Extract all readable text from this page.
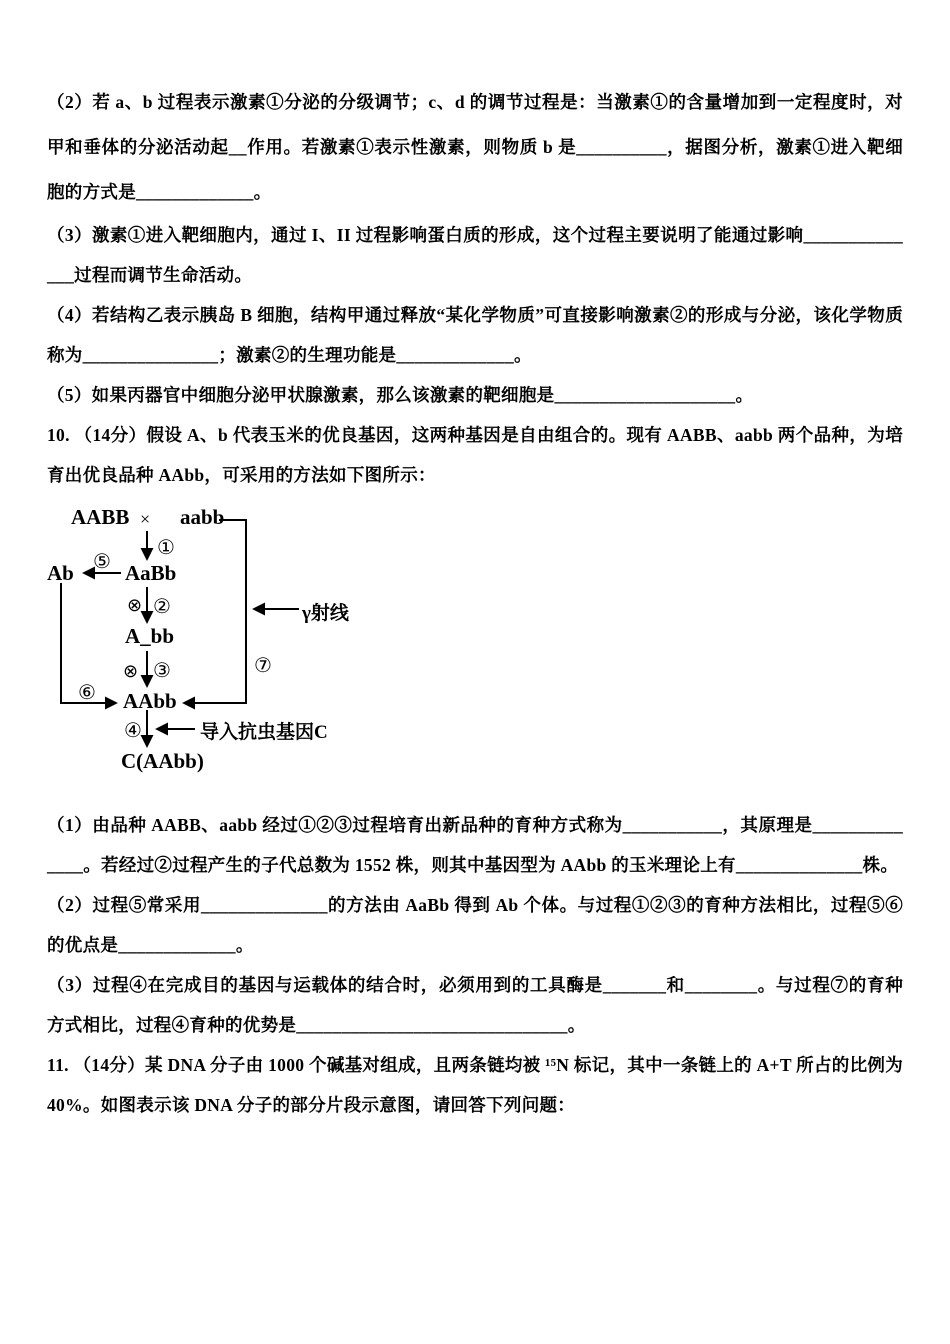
（2）若 a、b 过程表示激素①分泌的分级调节；c、d 的调节过程是：当激素①的含量增加到一定程度时，对甲和垂体的分泌活动起__作用。若激素①表示性激素，则物质 b 是__________，据图分析，激素①进入靶细胞的方式是_____________。

（3）激素①进入靶细胞内，通过 I、II 过程影响蛋白质的形成，这个过程主要说明了能通过影响______________过程而调节生命活动。

（4）若结构乙表示胰岛 B 细胞，结构甲通过释放“某化学物质”可直接影响激素②的形成与分泌，该化学物质称为_______________；激素②的生理功能是_____________。

（5）如果丙器官中细胞分泌甲状腺激素，那么该激素的靶细胞是____________________。

10. （14分）假设 A、b 代表玉米的优良基因，这两种基因是自由组合的。现有 AABB、aabb 两个品种，为培育出优良品种 AAbb，可采用的方法如下图所示：

AABB × aabb
①
⑤
Ab AaBb
⊗ ②	γ射线
A_bb
⊗ ③	⑦
⑥ AAbb
④	导入抗虫基因C
C(AAbb)

（1）由品种 AABB、aabb 经过①②③过程培育出新品种的育种方式称为___________，其原理是______________。若经过②过程产生的子代总数为 1552 株，则其中基因型为 AAbb 的玉米理论上有______________株。

（2）过程⑤常采用______________的方法由 AaBb 得到 Ab 个体。与过程①②③的育种方法相比，过程⑤⑥的优点是_____________。

（3）过程④在完成目的基因与运载体的结合时，必须用到的工具酶是_______和________。与过程⑦的育种方式相比，过程④育种的优势是______________________________。

11. （14分）某 DNA 分子由 1000 个碱基对组成，且两条链均被 ¹⁵N 标记，其中一条链上的 A+T 所占的比例为 40%。如图表示该 DNA 分子的部分片段示意图，请回答下列问题：
